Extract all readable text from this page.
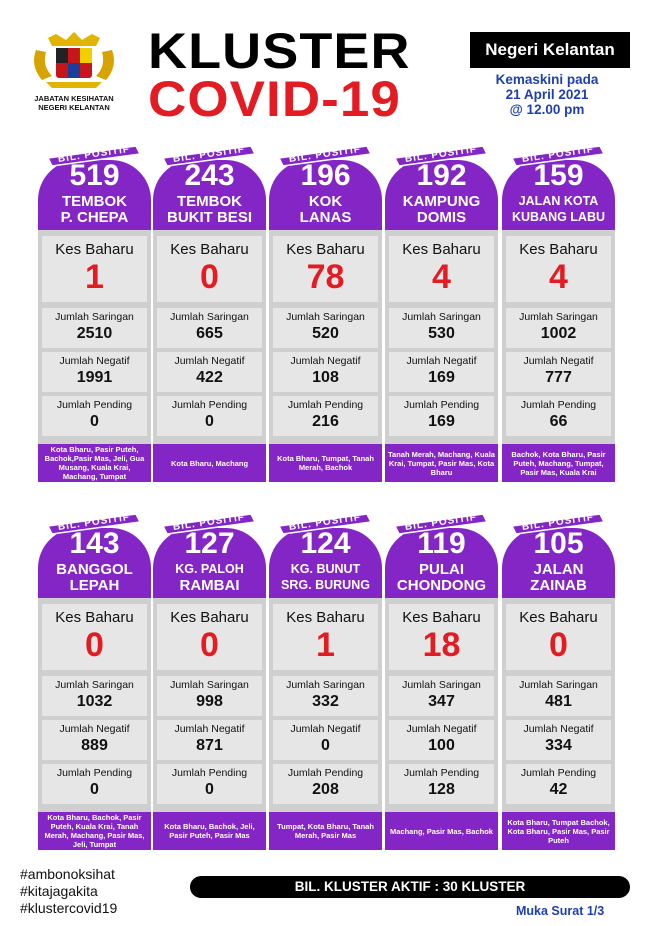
JABATAN KESIHATAN
NEGERI KELANTAN
KLUSTER
COVID-19
Negeri Kelantan
Kemaskini pada
21 April 2021
@ 12.00 pm
519
TEMBOK
P. CHEPA
BIL. POSITIF
Kes Baharu
1
Jumlah Saringan
2510
Jumlah Negatif
1991
Jumlah Pending
0
Kota Bharu, Pasir Puteh, Bachok,Pasir Mas, Jeli, Gua Musang, Kuala Krai, Machang, Tumpat
243
TEMBOK
BUKIT BESI
BIL. POSITIF
Kes Baharu
0
Jumlah Saringan
665
Jumlah Negatif
422
Jumlah Pending
0
Kota Bharu, Machang
196
KOK
LANAS
BIL. POSITIF
Kes Baharu
78
Jumlah Saringan
520
Jumlah Negatif
108
Jumlah Pending
216
Kota Bharu, Tumpat, Tanah Merah, Bachok
192
KAMPUNG
DOMIS
BIL. POSITIF
Kes Baharu
4
Jumlah Saringan
530
Jumlah Negatif
169
Jumlah Pending
169
Tanah Merah, Machang, Kuala Krai, Tumpat, Pasir Mas, Kota Bharu
159
JALAN KOTA
KUBANG LABU
BIL. POSITIF
Kes Baharu
4
Jumlah Saringan
1002
Jumlah Negatif
777
Jumlah Pending
66
Bachok, Kota Bharu, Pasir Puteh, Machang, Tumpat, Pasir Mas, Kuala Krai
143
BANGGOL
LEPAH
BIL. POSITIF
Kes Baharu
0
Jumlah Saringan
1032
Jumlah Negatif
889
Jumlah Pending
0
Kota Bharu, Bachok, Pasir Puteh, Kuala Krai, Tanah Merah, Machang, Pasir Mas, Jeli, Tumpat
127
KG. PALOH
RAMBAI
BIL. POSITIF
Kes Baharu
0
Jumlah Saringan
998
Jumlah Negatif
871
Jumlah Pending
0
Kota Bharu, Bachok, Jeli, Pasir Puteh, Pasir Mas
124
KG. BUNUT
SRG. BURUNG
BIL. POSITIF
Kes Baharu
1
Jumlah Saringan
332
Jumlah Negatif
0
Jumlah Pending
208
Tumpat, Kota Bharu, Tanah Merah, Pasir Mas
119
PULAI
CHONDONG
BIL. POSITIF
Kes Baharu
18
Jumlah Saringan
347
Jumlah Negatif
100
Jumlah Pending
128
Machang, Pasir Mas, Bachok
105
JALAN
ZAINAB
BIL. POSITIF
Kes Baharu
0
Jumlah Saringan
481
Jumlah Negatif
334
Jumlah Pending
42
Kota Bharu, Tumpat Bachok, Kota Bharu, Pasir Mas, Pasir Puteh
#ambonoksihat
#kitajagakita
#klustercovid19
BIL. KLUSTER AKTIF : 30 KLUSTER
Muka Surat 1/3
